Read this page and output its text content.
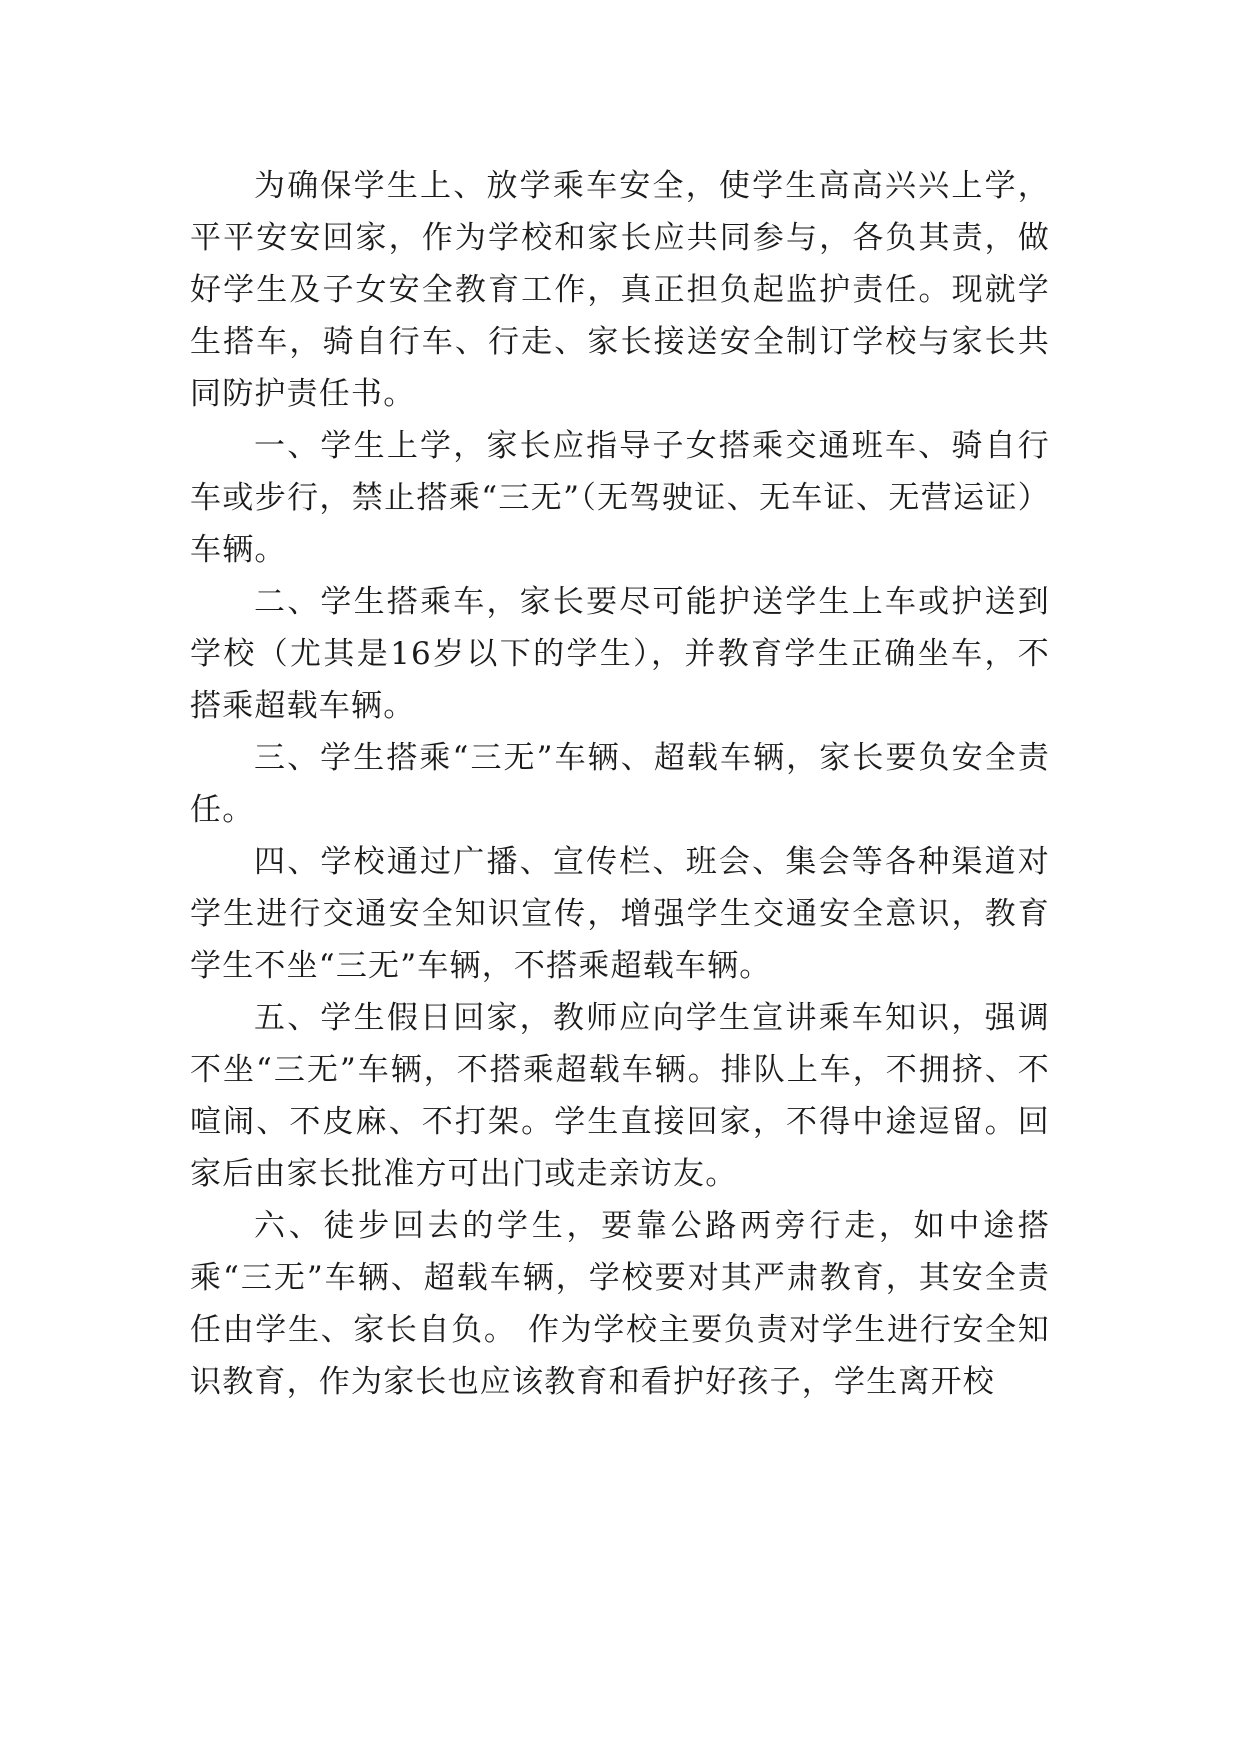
为确保学生上、放学乘车安全，使学生高高兴兴上学，平平安安回家，作为学校和家长应共同参与，各负其责，做好学生及子女安全教育工作，真正担负起监护责任。现就学生搭车，骑自行车、行走、家长接送安全制订学校与家长共同防护责任书。

一、学生上学，家长应指导子女搭乘交通班车、骑自行车或步行，禁止搭乘“三无”（无驾驶证、无车证、无营运证）车辆。

二、学生搭乘车，家长要尽可能护送学生上车或护送到学校（尤其是16岁以下的学生），并教育学生正确坐车，不搭乘超载车辆。

三、学生搭乘“三无”车辆、超载车辆，家长要负安全责任。

四、学校通过广播、宣传栏、班会、集会等各种渠道对学生进行交通安全知识宣传，增强学生交通安全意识，教育学生不坐“三无”车辆，不搭乘超载车辆。

五、学生假日回家，教师应向学生宣讲乘车知识，强调不坐“三无”车辆，不搭乘超载车辆。排队上车，不拥挤、不喧闹、不皮麻、不打架。学生直接回家，不得中途逗留。回家后由家长批准方可出门或走亲访友。

六、徒步回去的学生，要靠公路两旁行走，如中途搭乘“三无”车辆、超载车辆，学校要对其严肃教育，其安全责任由学生、家长自负。 作为学校主要负责对学生进行安全知识教育，作为家长也应该教育和看护好孩子，学生离开校
